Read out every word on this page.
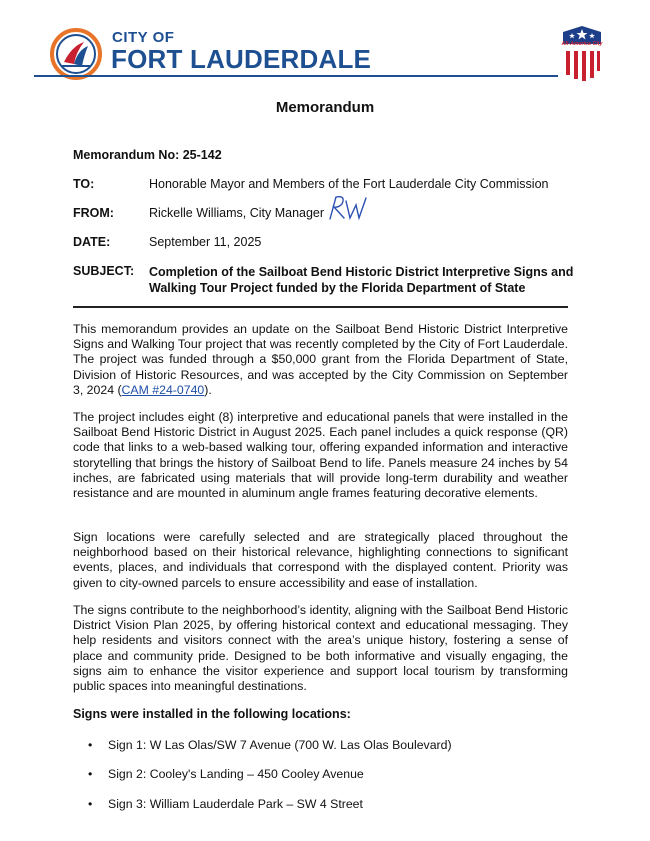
CITY OF
FORT LAUDERDALE	All-America City
Memorandum
Memorandum No: 25-142
TO:	Honorable Mayor and Members of the Fort Lauderdale City Commission
FROM:	Rickelle Williams, City Manager
DATE:	September 11, 2025
SUBJECT: Completion of the Sailboat Bend Historic District Interpretive Signs and Walking Tour Project funded by the Florida Department of State
This memorandum provides an update on the Sailboat Bend Historic District Interpretive Signs and Walking Tour project that was recently completed by the City of Fort Lauderdale. The project was funded through a $50,000 grant from the Florida Department of State, Division of Historic Resources, and was accepted by the City Commission on September 3, 2024 (CAM #24-0740).
The project includes eight (8) interpretive and educational panels that were installed in the Sailboat Bend Historic District in August 2025. Each panel includes a quick response (QR) code that links to a web-based walking tour, offering expanded information and interactive storytelling that brings the history of Sailboat Bend to life. Panels measure 24 inches by 54 inches, are fabricated using materials that will provide long-term durability and weather resistance and are mounted in aluminum angle frames featuring decorative elements.
Sign locations were carefully selected and are strategically placed throughout the neighborhood based on their historical relevance, highlighting connections to significant events, places, and individuals that correspond with the displayed content. Priority was given to city-owned parcels to ensure accessibility and ease of installation.
The signs contribute to the neighborhood’s identity, aligning with the Sailboat Bend Historic District Vision Plan 2025, by offering historical context and educational messaging. They help residents and visitors connect with the area’s unique history, fostering a sense of place and community pride. Designed to be both informative and visually engaging, the signs aim to enhance the visitor experience and support local tourism by transforming public spaces into meaningful destinations.
Signs were installed in the following locations:
• Sign 1: W Las Olas/SW 7 Avenue (700 W. Las Olas Boulevard)
• Sign 2: Cooley's Landing – 450 Cooley Avenue
• Sign 3: William Lauderdale Park – SW 4 Street
